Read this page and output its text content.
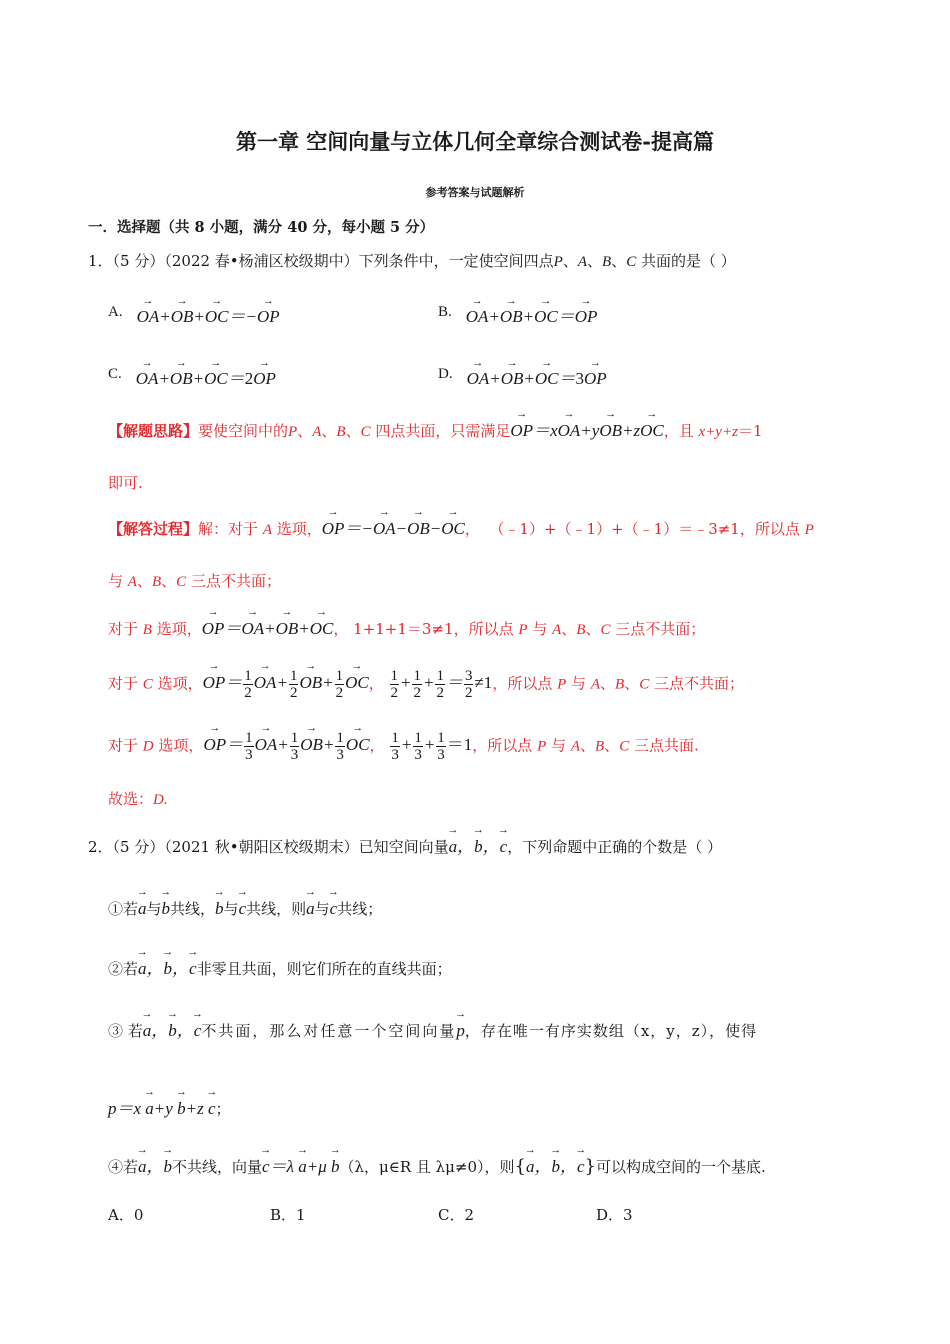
第一章 空间向量与立体几何全章综合测试卷-提高篇
参考答案与试题解析
一．选择题（共 8 小题，满分 40 分，每小题 5 分）
1．（5 分）（2022 春•杨浦区校级期中）下列条件中，一定使空间四点P、A、B、C 共面的是（ ）
A.→ OA+→ OB+→ OC＝−→ OP	B.→ OA+→ OB+→ OC＝→ OP
C.→ OA+→ OB+→ OC＝2→ OP	D.→ OA+→ OB+→ OC＝3→ OP
【解题思路】要使空间中的P、A、B、C 四点共面，只需满足→ OP＝x→ OA+y→ OB+z→ OC，且 x+y+z＝1
即可.
【解答过程】解：对于 A 选项，→ OP＝−→ OA−→ OB−→ OC，  （﹣1）+（﹣1）+（﹣1）＝﹣3≠1，所以点 P
与 A、B、C 三点不共面；
对于 B 选项，→ OP＝→ OA+→ OB+→ OC， 1+1+1＝3≠1，所以点 P 与 A、B、C 三点不共面；
对于 C 选项，→ $OP= \frac{1}{2}$
→ $OA+ \frac{1}{2}$
→ $OB+ \frac{1}{2}$
→ OC， $\frac{1}{2} + \frac{1}{2} + \frac{1}{2} = \frac{3}{2} \ne 1$，所以点 P 与 A、B、C 三点不共面；
对于 D 选项，→ $OP= \frac{1}{3}$
→ $OA+ \frac{1}{3}$
→ $OB+ \frac{1}{3}$
→ OC， $\frac{1}{3} + \frac{1}{3} + \frac{1}{3} =1$，所以点 P 与 A、B、C 三点共面.
故选：D.
2．（5 分）（2021 秋•朝阳区校级期末）已知空间向量→ a，→ b，→ c，下列命题中正确的个数是（ ）
①若→ a与→ b共线，→ b与→ c共线，则→ a与→ c共线；
②若→ a，→ b，→ c非零且共面，则它们所在的直线共面；
③ 若→ a，→ b，→ c不共面，那么对任意一个空间向量→ p，存在唯一有序实数组（x，y，z），使得
p＝x → a+y → b+z → c；
④若→ a，→ b不共线，向量→ c＝λ → a+μ → b（λ，μ∈R 且 λμ≠0），则{→ a，→ b，→ c}可以构成空间的一个基底.
A．0	B．1	C．2	D．3
